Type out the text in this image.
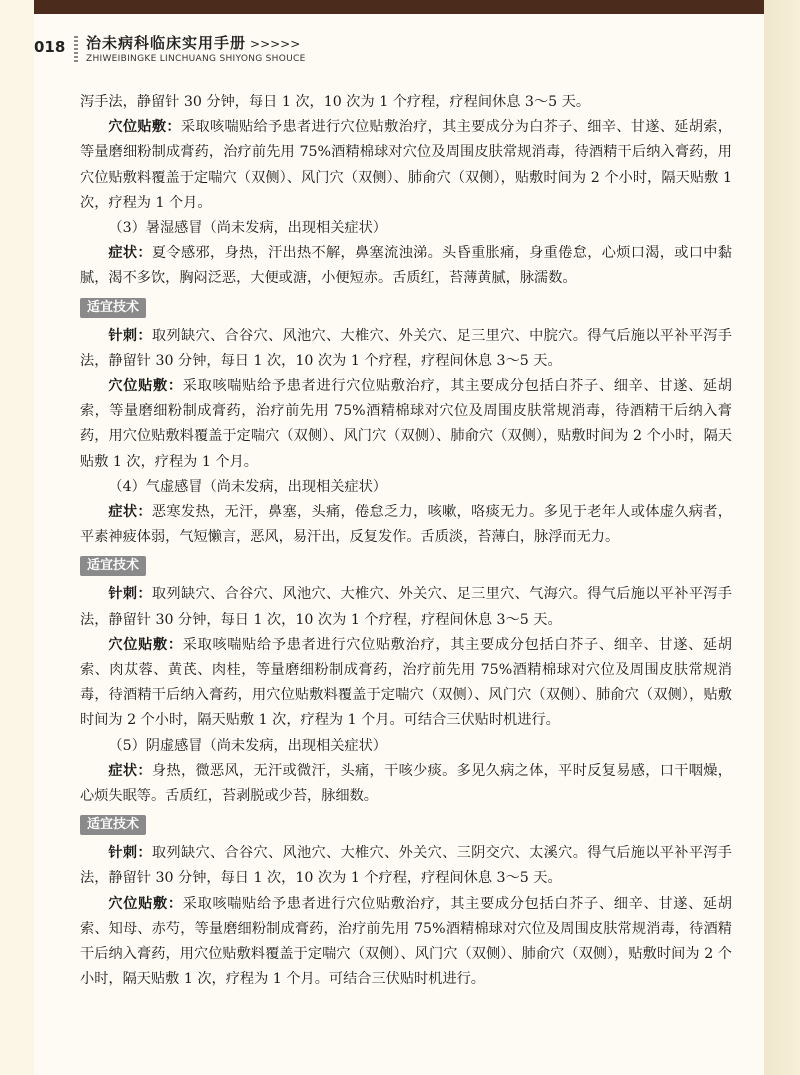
018 治未病科临床实用手册 >>>>>
ZHIWEIBINGKE LINCHUANG SHIYONG SHOUCE

泻手法，静留针 30 分钟，每日 1 次，10 次为 1 个疗程，疗程间休息 3～5 天。

穴位贴敷：采取咳喘贴给予患者进行穴位贴敷治疗，其主要成分为白芥子、细辛、甘遂、延胡索，等量磨细粉制成膏药，治疗前先用 75%酒精棉球对穴位及周围皮肤常规消毒，待酒精干后纳入膏药，用穴位贴敷料覆盖于定喘穴（双侧）、风门穴（双侧）、肺俞穴（双侧），贴敷时间为 2 个小时，隔天贴敷 1 次，疗程为 1 个月。

（3）暑湿感冒（尚未发病，出现相关症状）

症状：夏令感邪，身热，汗出热不解，鼻塞流浊涕。头昏重胀痛，身重倦怠，心烦口渴，或口中黏腻，渴不多饮，胸闷泛恶，大便或溏，小便短赤。舌质红，苔薄黄腻，脉濡数。

适宜技术

针刺：取列缺穴、合谷穴、风池穴、大椎穴、外关穴、足三里穴、中脘穴。得气后施以平补平泻手法，静留针 30 分钟，每日 1 次，10 次为 1 个疗程，疗程间休息 3～5 天。

穴位贴敷：采取咳喘贴给予患者进行穴位贴敷治疗，其主要成分包括白芥子、细辛、甘遂、延胡索，等量磨细粉制成膏药，治疗前先用 75%酒精棉球对穴位及周围皮肤常规消毒，待酒精干后纳入膏药，用穴位贴敷料覆盖于定喘穴（双侧）、风门穴（双侧）、肺俞穴（双侧），贴敷时间为 2 个小时，隔天贴敷 1 次，疗程为 1 个月。

（4）气虚感冒（尚未发病，出现相关症状）

症状：恶寒发热，无汗，鼻塞，头痛，倦怠乏力，咳嗽，咯痰无力。多见于老年人或体虚久病者，平素神疲体弱，气短懒言，恶风，易汗出，反复发作。舌质淡，苔薄白，脉浮而无力。

适宜技术

针刺：取列缺穴、合谷穴、风池穴、大椎穴、外关穴、足三里穴、气海穴。得气后施以平补平泻手法，静留针 30 分钟，每日 1 次，10 次为 1 个疗程，疗程间休息 3～5 天。

穴位贴敷：采取咳喘贴给予患者进行穴位贴敷治疗，其主要成分包括白芥子、细辛、甘遂、延胡索、肉苁蓉、黄芪、肉桂，等量磨细粉制成膏药，治疗前先用 75%酒精棉球对穴位及周围皮肤常规消毒，待酒精干后纳入膏药，用穴位贴敷料覆盖于定喘穴（双侧）、风门穴（双侧）、肺俞穴（双侧），贴敷时间为 2 个小时，隔天贴敷 1 次，疗程为 1 个月。可结合三伏贴时机进行。

（5）阴虚感冒（尚未发病，出现相关症状）

症状：身热，微恶风，无汗或微汗，头痛，干咳少痰。多见久病之体，平时反复易感，口干咽燥，心烦失眠等。舌质红，苔剥脱或少苔，脉细数。

适宜技术

针刺：取列缺穴、合谷穴、风池穴、大椎穴、外关穴、三阴交穴、太溪穴。得气后施以平补平泻手法，静留针 30 分钟，每日 1 次，10 次为 1 个疗程，疗程间休息 3～5 天。

穴位贴敷：采取咳喘贴给予患者进行穴位贴敷治疗，其主要成分包括白芥子、细辛、甘遂、延胡索、知母、赤芍，等量磨细粉制成膏药，治疗前先用 75%酒精棉球对穴位及周围皮肤常规消毒，待酒精干后纳入膏药，用穴位贴敷料覆盖于定喘穴（双侧）、风门穴（双侧）、肺俞穴（双侧），贴敷时间为 2 个小时，隔天贴敷 1 次，疗程为 1 个月。可结合三伏贴时机进行。
